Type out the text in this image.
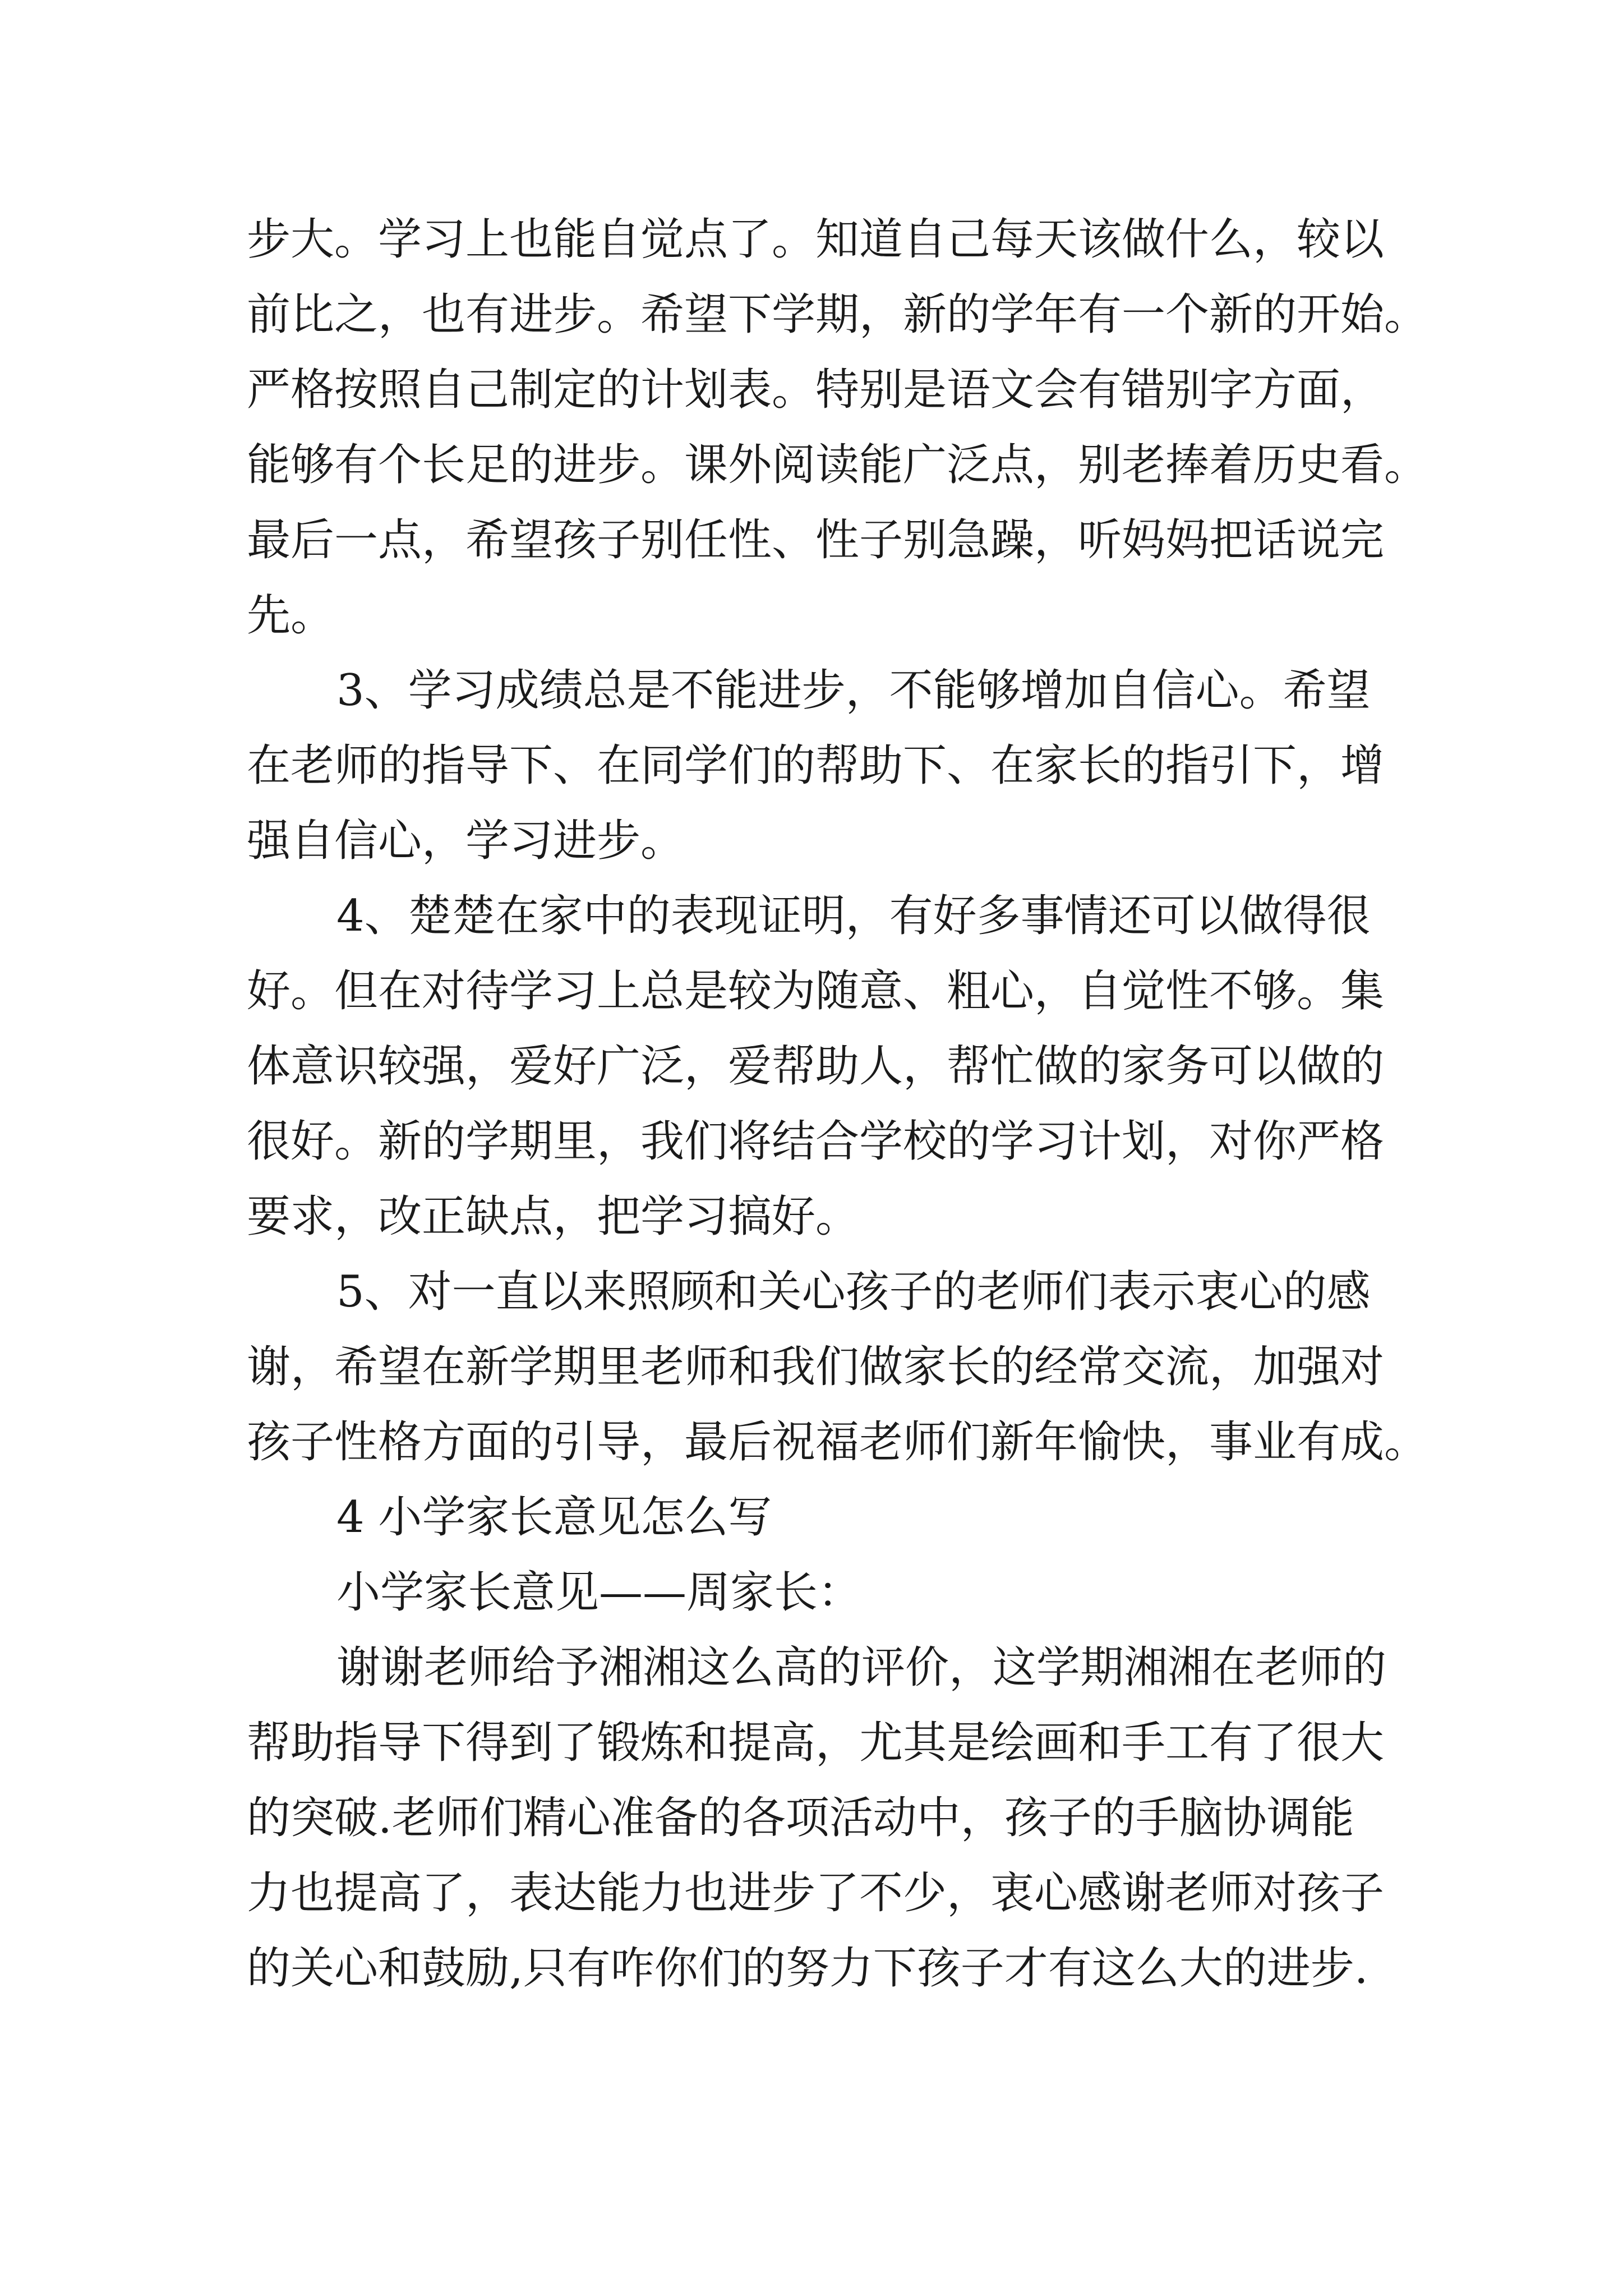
步大。学习上也能自觉点了。知道自己每天该做什么，较以
前比之，也有进步。希望下学期，新的学年有一个新的开始。
严格按照自己制定的计划表。特别是语文会有错别字方面，
能够有个长足的进步。课外阅读能广泛点，别老捧着历史看。
最后一点，希望孩子别任性、性子别急躁，听妈妈把话说完
先。
3、学习成绩总是不能进步，不能够增加自信心。希望
在老师的指导下、在同学们的帮助下、在家长的指引下，增
强自信心，学习进步。
4、楚楚在家中的表现证明，有好多事情还可以做得很
好。但在对待学习上总是较为随意、粗心，自觉性不够。集
体意识较强，爱好广泛，爱帮助人，帮忙做的家务可以做的
很好。新的学期里，我们将结合学校的学习计划，对你严格
要求，改正缺点，把学习搞好。
5、对一直以来照顾和关心孩子的老师们表示衷心的感
谢，希望在新学期里老师和我们做家长的经常交流，加强对
孩子性格方面的引导，最后祝福老师们新年愉快，事业有成。
4 小学家长意见怎么写
小学家长意见——周家长：
谢谢老师给予湘湘这么高的评价，这学期湘湘在老师的
帮助指导下得到了锻炼和提高，尤其是绘画和手工有了很大
的突破.老师们精心准备的各项活动中，孩子的手脑协调能
力也提高了，表达能力也进步了不少，衷心感谢老师对孩子
的关心和鼓励,只有咋你们的努力下孩子才有这么大的进步.
